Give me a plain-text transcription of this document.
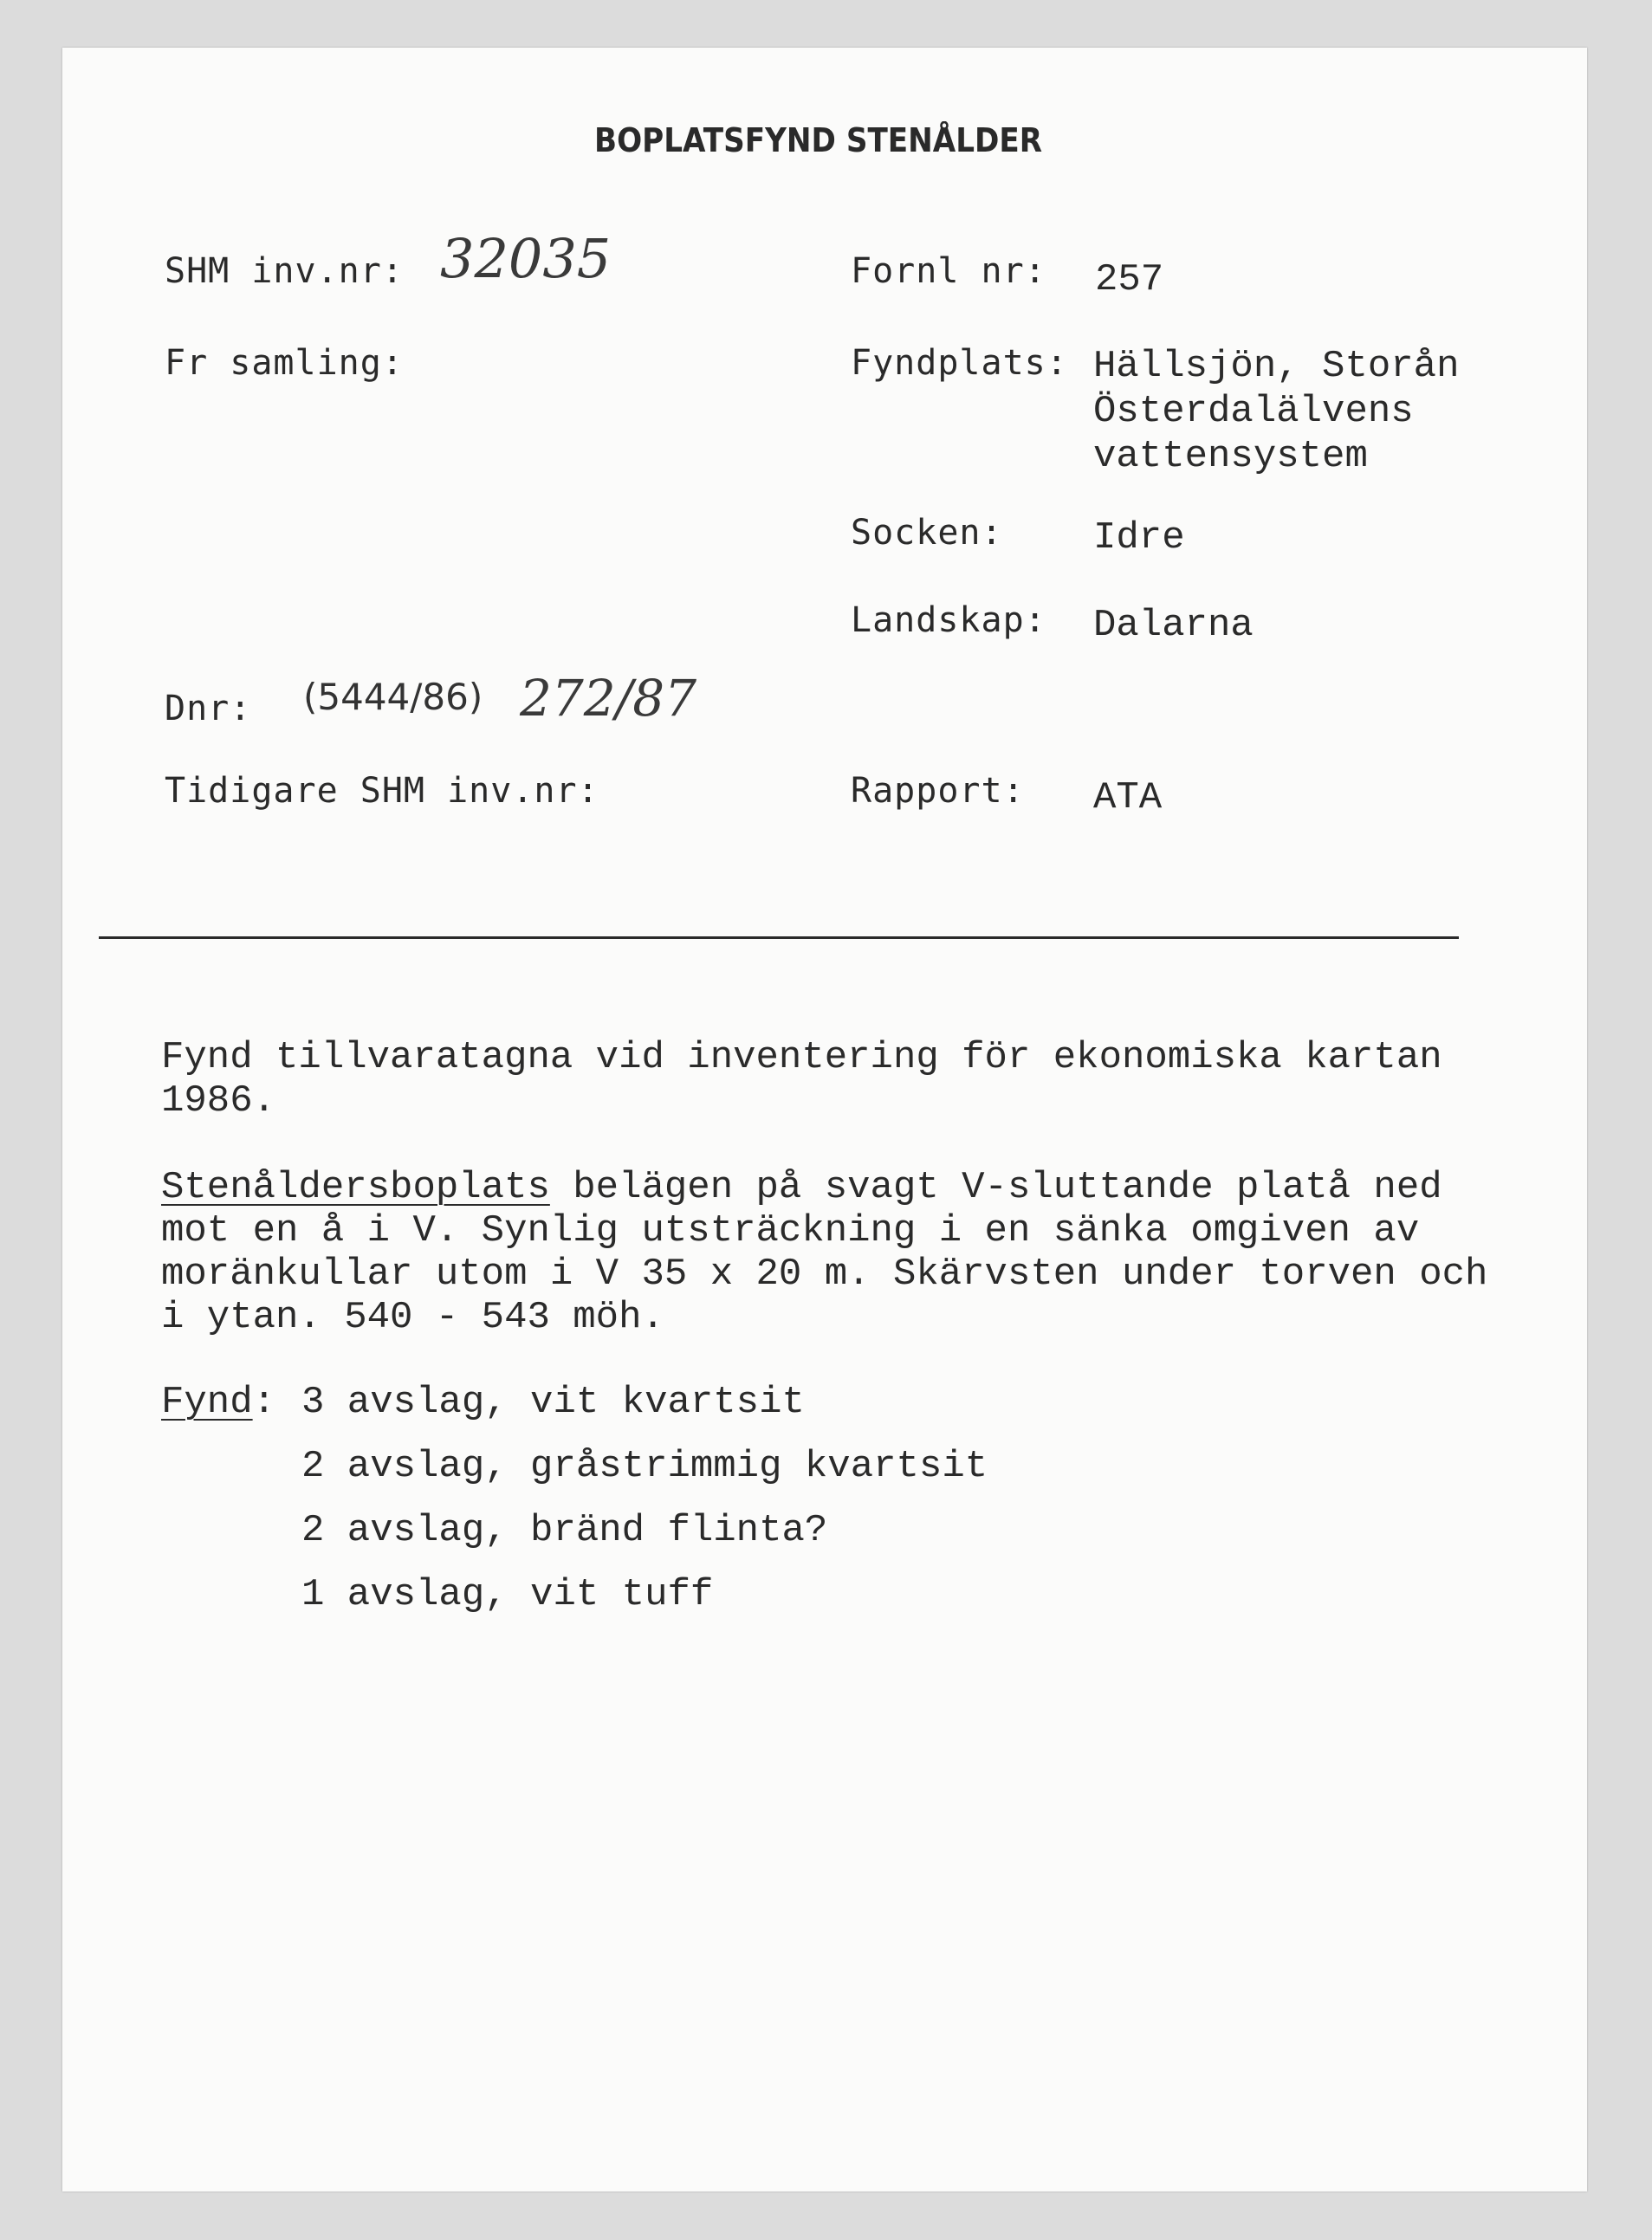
BOPLATSFYND STENÅLDER
SHM inv.nr: 32035
Fr samling:
Dnr: (5444/86) 272/87
Tidigare SHM inv.nr:
Fornl nr: 257
Fyndplats: Hällsjön, Storån
Österdalälvens
vattensystem
Socken: Idre
Landskap: Dalarna
Rapport: ATA
Fynd tillvaratagna vid inventering för ekonomiska kartan
1986.
Stenåldersboplats belägen på svagt V-sluttande platå ned
mot en å i V. Synlig utsträckning i en sänka omgiven av
moränkullar utom i V 35 x 20 m. Skärvsten under torven och
i ytan. 540 - 543 möh.
Fynd: 3 avslag, vit kvartsit
2 avslag, gråstrimmig kvartsit
2 avslag, bränd flinta?
1 avslag, vit tuff
